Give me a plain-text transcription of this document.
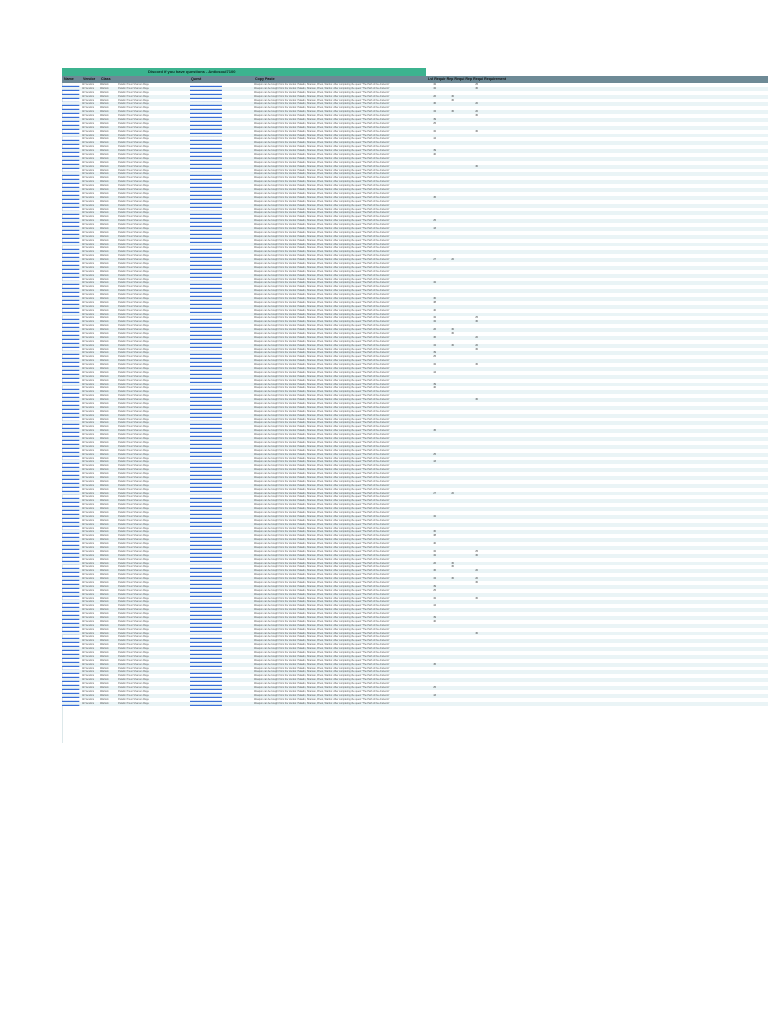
Discord if you have questions - Anticsoul7100
Name	Vendor Class	Quest	Copy Paste	Lvl Requir Rep Requi Rep Requi Requirement
_____________	All Vendors	Warlock	Paladin Priest Shaman Mage	________________________	Weapon can be bought from the Vendor. Paladin, Shaman, Priest, Warrior. After completing the quest "The Path of the Ancients"	32	25
_____________	All Vendors	Warlock	Paladin Priest Shaman Mage	________________________	Weapon can be bought from the Vendor. Paladin, Shaman, Priest, Warrior. After completing the quest "The Path of the Ancients"	32	30
_____________	All Vendors	Warlock	Paladin Priest Shaman Mage	________________________	Weapon can be bought from the Vendor. Paladin, Shaman, Priest, Warrior. After completing the quest "The Path of the Ancients"
_____________	All Vendors	Warlock	Paladin Priest Shaman Mage	________________________	Weapon can be bought from the Vendor. Paladin, Shaman, Priest, Warrior. After completing the quest "The Path of the Ancients"	26	30
_____________	All Vendors	Warlock	Paladin Priest Shaman Mage	________________________	Weapon can be bought from the Vendor. Paladin, Shaman, Priest, Warrior. After completing the quest "The Path of the Ancients"	30
_____________	All Vendors	Warlock	Paladin Priest Shaman Mage	________________________	Weapon can be bought from the Vendor. Paladin, Shaman, Priest, Warrior. After completing the quest "The Path of the Ancients"	36	20
_____________	All Vendors	Warlock	Paladin Priest Shaman Mage	________________________	Weapon can be bought from the Vendor. Paladin, Shaman, Priest, Warrior. After completing the quest "The Path of the Ancients"
_____________	All Vendors	Warlock	Paladin Priest Shaman Mage	________________________	Weapon can be bought from the Vendor. Paladin, Shaman, Priest, Warrior. After completing the quest "The Path of the Ancients"	34	30	20
_____________	All Vendors	Warlock	Paladin Priest Shaman Mage	________________________	Weapon can be bought from the Vendor. Paladin, Shaman, Priest, Warrior. After completing the quest "The Path of the Ancients"	30
_____________	All Vendors	Warlock	Paladin Priest Shaman Mage	________________________	Weapon can be bought from the Vendor. Paladin, Shaman, Priest, Warrior. After completing the quest "The Path of the Ancients"	39
_____________	All Vendors	Warlock	Paladin Priest Shaman Mage	________________________	Weapon can be bought from the Vendor. Paladin, Shaman, Priest, Warrior. After completing the quest "The Path of the Ancients"	25
_____________	All Vendors	Warlock	Paladin Priest Shaman Mage	________________________	Weapon can be bought from the Vendor. Paladin, Shaman, Priest, Warrior. After completing the quest "The Path of the Ancients"
_____________	All Vendors	Warlock	Paladin Priest Shaman Mage	________________________	Weapon can be bought from the Vendor. Paladin, Shaman, Priest, Warrior. After completing the quest "The Path of the Ancients"	32	30
_____________	All Vendors	Warlock	Paladin Priest Shaman Mage	________________________	Weapon can be bought from the Vendor. Paladin, Shaman, Priest, Warrior. After completing the quest "The Path of the Ancients"
_____________	All Vendors	Warlock	Paladin Priest Shaman Mage	________________________	Weapon can be bought from the Vendor. Paladin, Shaman, Priest, Warrior. After completing the quest "The Path of the Ancients"	44
_____________	All Vendors	Warlock	Paladin Priest Shaman Mage	________________________	Weapon can be bought from the Vendor. Paladin, Shaman, Priest, Warrior. After completing the quest "The Path of the Ancients"
_____________	All Vendors	Warlock	Paladin Priest Shaman Mage	________________________	Weapon can be bought from the Vendor. Paladin, Shaman, Priest, Warrior. After completing the quest "The Path of the Ancients"
_____________	All Vendors	Warlock	Paladin Priest Shaman Mage	________________________	Weapon can be bought from the Vendor. Paladin, Shaman, Priest, Warrior. After completing the quest "The Path of the Ancients"	39
_____________	All Vendors	Warlock	Paladin Priest Shaman Mage	________________________	Weapon can be bought from the Vendor. Paladin, Shaman, Priest, Warrior. After completing the quest "The Path of the Ancients"	40
_____________	All Vendors	Warlock	Paladin Priest Shaman Mage	________________________	Weapon can be bought from the Vendor. Paladin, Shaman, Priest, Warrior. After completing the quest "The Path of the Ancients"
_____________	All Vendors	Warlock	Paladin Priest Shaman Mage	________________________	Weapon can be bought from the Vendor. Paladin, Shaman, Priest, Warrior. After completing the quest "The Path of the Ancients"
_____________	All Vendors	Warlock	Paladin Priest Shaman Mage	________________________	Weapon can be bought from the Vendor. Paladin, Shaman, Priest, Warrior. After completing the quest "The Path of the Ancients"	30
_____________	All Vendors	Warlock	Paladin Priest Shaman Mage	________________________	Weapon can be bought from the Vendor. Paladin, Shaman, Priest, Warrior. After completing the quest "The Path of the Ancients"
_____________	All Vendors	Warlock	Paladin Priest Shaman Mage	________________________	Weapon can be bought from the Vendor. Paladin, Shaman, Priest, Warrior. After completing the quest "The Path of the Ancients"
_____________	All Vendors	Warlock	Paladin Priest Shaman Mage	________________________	Weapon can be bought from the Vendor. Paladin, Shaman, Priest, Warrior. After completing the quest "The Path of the Ancients"
_____________	All Vendors	Warlock	Paladin Priest Shaman Mage	________________________	Weapon can be bought from the Vendor. Paladin, Shaman, Priest, Warrior. After completing the quest "The Path of the Ancients"
_____________	All Vendors	Warlock	Paladin Priest Shaman Mage	________________________	Weapon can be bought from the Vendor. Paladin, Shaman, Priest, Warrior. After completing the quest "The Path of the Ancients"
_____________	All Vendors	Warlock	Paladin Priest Shaman Mage	________________________	Weapon can be bought from the Vendor. Paladin, Shaman, Priest, Warrior. After completing the quest "The Path of the Ancients"
_____________	All Vendors	Warlock	Paladin Priest Shaman Mage	________________________	Weapon can be bought from the Vendor. Paladin, Shaman, Priest, Warrior. After completing the quest "The Path of the Ancients"
_____________	All Vendors	Warlock	Paladin Priest Shaman Mage	________________________	Weapon can be bought from the Vendor. Paladin, Shaman, Priest, Warrior. After completing the quest "The Path of the Ancients"	45
_____________	All Vendors	Warlock	Paladin Priest Shaman Mage	________________________	Weapon can be bought from the Vendor. Paladin, Shaman, Priest, Warrior. After completing the quest "The Path of the Ancients"
_____________	All Vendors	Warlock	Paladin Priest Shaman Mage	________________________	Weapon can be bought from the Vendor. Paladin, Shaman, Priest, Warrior. After completing the quest "The Path of the Ancients"
_____________	All Vendors	Warlock	Paladin Priest Shaman Mage	________________________	Weapon can be bought from the Vendor. Paladin, Shaman, Priest, Warrior. After completing the quest "The Path of the Ancients"
_____________	All Vendors	Warlock	Paladin Priest Shaman Mage	________________________	Weapon can be bought from the Vendor. Paladin, Shaman, Priest, Warrior. After completing the quest "The Path of the Ancients"
_____________	All Vendors	Warlock	Paladin Priest Shaman Mage	________________________	Weapon can be bought from the Vendor. Paladin, Shaman, Priest, Warrior. After completing the quest "The Path of the Ancients"
_____________	All Vendors	Warlock	Paladin Priest Shaman Mage	________________________	Weapon can be bought from the Vendor. Paladin, Shaman, Priest, Warrior. After completing the quest "The Path of the Ancients"	25
_____________	All Vendors	Warlock	Paladin Priest Shaman Mage	________________________	Weapon can be bought from the Vendor. Paladin, Shaman, Priest, Warrior. After completing the quest "The Path of the Ancients"
_____________	All Vendors	Warlock	Paladin Priest Shaman Mage	________________________	Weapon can be bought from the Vendor. Paladin, Shaman, Priest, Warrior. After completing the quest "The Path of the Ancients"	43
_____________	All Vendors	Warlock	Paladin Priest Shaman Mage	________________________	Weapon can be bought from the Vendor. Paladin, Shaman, Priest, Warrior. After completing the quest "The Path of the Ancients"
_____________	All Vendors	Warlock	Paladin Priest Shaman Mage	________________________	Weapon can be bought from the Vendor. Paladin, Shaman, Priest, Warrior. After completing the quest "The Path of the Ancients"
_____________	All Vendors	Warlock	Paladin Priest Shaman Mage	________________________	Weapon can be bought from the Vendor. Paladin, Shaman, Priest, Warrior. After completing the quest "The Path of the Ancients"
_____________	All Vendors	Warlock	Paladin Priest Shaman Mage	________________________	Weapon can be bought from the Vendor. Paladin, Shaman, Priest, Warrior. After completing the quest "The Path of the Ancients"
_____________	All Vendors	Warlock	Paladin Priest Shaman Mage	________________________	Weapon can be bought from the Vendor. Paladin, Shaman, Priest, Warrior. After completing the quest "The Path of the Ancients"
_____________	All Vendors	Warlock	Paladin Priest Shaman Mage	________________________	Weapon can be bought from the Vendor. Paladin, Shaman, Priest, Warrior. After completing the quest "The Path of the Ancients"
_____________	All Vendors	Warlock	Paladin Priest Shaman Mage	________________________	Weapon can be bought from the Vendor. Paladin, Shaman, Priest, Warrior. After completing the quest "The Path of the Ancients"
_____________	All Vendors	Warlock	Paladin Priest Shaman Mage	________________________	Weapon can be bought from the Vendor. Paladin, Shaman, Priest, Warrior. After completing the quest "The Path of the Ancients"	27	20
_____________	All Vendors	Warlock	Paladin Priest Shaman Mage	________________________	Weapon can be bought from the Vendor. Paladin, Shaman, Priest, Warrior. After completing the quest "The Path of the Ancients"
_____________	All Vendors	Warlock	Paladin Priest Shaman Mage	________________________	Weapon can be bought from the Vendor. Paladin, Shaman, Priest, Warrior. After completing the quest "The Path of the Ancients"
_____________	All Vendors	Warlock	Paladin Priest Shaman Mage	________________________	Weapon can be bought from the Vendor. Paladin, Shaman, Priest, Warrior. After completing the quest "The Path of the Ancients"
_____________	All Vendors	Warlock	Paladin Priest Shaman Mage	________________________	Weapon can be bought from the Vendor. Paladin, Shaman, Priest, Warrior. After completing the quest "The Path of the Ancients"
_____________	All Vendors	Warlock	Paladin Priest Shaman Mage	________________________	Weapon can be bought from the Vendor. Paladin, Shaman, Priest, Warrior. After completing the quest "The Path of the Ancients"
_____________	All Vendors	Warlock	Paladin Priest Shaman Mage	________________________	Weapon can be bought from the Vendor. Paladin, Shaman, Priest, Warrior. After completing the quest "The Path of the Ancients"	32
_____________	All Vendors	Warlock	Paladin Priest Shaman Mage	________________________	Weapon can be bought from the Vendor. Paladin, Shaman, Priest, Warrior. After completing the quest "The Path of the Ancients"
_____________	All Vendors	Warlock	Paladin Priest Shaman Mage	________________________	Weapon can be bought from the Vendor. Paladin, Shaman, Priest, Warrior. After completing the quest "The Path of the Ancients"
_____________	All Vendors	Warlock	Paladin Priest Shaman Mage	________________________	Weapon can be bought from the Vendor. Paladin, Shaman, Priest, Warrior. After completing the quest "The Path of the Ancients"
_____________	All Vendors	Warlock	Paladin Priest Shaman Mage	________________________	Weapon can be bought from the Vendor. Paladin, Shaman, Priest, Warrior. After completing the quest "The Path of the Ancients"	30
_____________	All Vendors	Warlock	Paladin Priest Shaman Mage	________________________	Weapon can be bought from the Vendor. Paladin, Shaman, Priest, Warrior. After completing the quest "The Path of the Ancients"	38
_____________	All Vendors	Warlock	Paladin Priest Shaman Mage	________________________	Weapon can be bought from the Vendor. Paladin, Shaman, Priest, Warrior. After completing the quest "The Path of the Ancients"
_____________	All Vendors	Warlock	Paladin Priest Shaman Mage	________________________	Weapon can be bought from the Vendor. Paladin, Shaman, Priest, Warrior. After completing the quest "The Path of the Ancients"	40
_____________	All Vendors	Warlock	Paladin Priest Shaman Mage	________________________	Weapon can be bought from the Vendor. Paladin, Shaman, Priest, Warrior. After completing the quest "The Path of the Ancients"
_____________	All Vendors	Warlock	Paladin Priest Shaman Mage	________________________	Weapon can be bought from the Vendor. Paladin, Shaman, Priest, Warrior. After completing the quest "The Path of the Ancients"	32	25
_____________	All Vendors	Warlock	Paladin Priest Shaman Mage	________________________	Weapon can be bought from the Vendor. Paladin, Shaman, Priest, Warrior. After completing the quest "The Path of the Ancients"	32	30
_____________	All Vendors	Warlock	Paladin Priest Shaman Mage	________________________	Weapon can be bought from the Vendor. Paladin, Shaman, Priest, Warrior. After completing the quest "The Path of the Ancients"
_____________	All Vendors	Warlock	Paladin Priest Shaman Mage	________________________	Weapon can be bought from the Vendor. Paladin, Shaman, Priest, Warrior. After completing the quest "The Path of the Ancients"	26	30
_____________	All Vendors	Warlock	Paladin Priest Shaman Mage	________________________	Weapon can be bought from the Vendor. Paladin, Shaman, Priest, Warrior. After completing the quest "The Path of the Ancients"	30
_____________	All Vendors	Warlock	Paladin Priest Shaman Mage	________________________	Weapon can be bought from the Vendor. Paladin, Shaman, Priest, Warrior. After completing the quest "The Path of the Ancients"	36	20
_____________	All Vendors	Warlock	Paladin Priest Shaman Mage	________________________	Weapon can be bought from the Vendor. Paladin, Shaman, Priest, Warrior. After completing the quest "The Path of the Ancients"
_____________	All Vendors	Warlock	Paladin Priest Shaman Mage	________________________	Weapon can be bought from the Vendor. Paladin, Shaman, Priest, Warrior. After completing the quest "The Path of the Ancients"	34	30	20
_____________	All Vendors	Warlock	Paladin Priest Shaman Mage	________________________	Weapon can be bought from the Vendor. Paladin, Shaman, Priest, Warrior. After completing the quest "The Path of the Ancients"	30
_____________	All Vendors	Warlock	Paladin Priest Shaman Mage	________________________	Weapon can be bought from the Vendor. Paladin, Shaman, Priest, Warrior. After completing the quest "The Path of the Ancients"	39
_____________	All Vendors	Warlock	Paladin Priest Shaman Mage	________________________	Weapon can be bought from the Vendor. Paladin, Shaman, Priest, Warrior. After completing the quest "The Path of the Ancients"	25
_____________	All Vendors	Warlock	Paladin Priest Shaman Mage	________________________	Weapon can be bought from the Vendor. Paladin, Shaman, Priest, Warrior. After completing the quest "The Path of the Ancients"
_____________	All Vendors	Warlock	Paladin Priest Shaman Mage	________________________	Weapon can be bought from the Vendor. Paladin, Shaman, Priest, Warrior. After completing the quest "The Path of the Ancients"	32	30
_____________	All Vendors	Warlock	Paladin Priest Shaman Mage	________________________	Weapon can be bought from the Vendor. Paladin, Shaman, Priest, Warrior. After completing the quest "The Path of the Ancients"
_____________	All Vendors	Warlock	Paladin Priest Shaman Mage	________________________	Weapon can be bought from the Vendor. Paladin, Shaman, Priest, Warrior. After completing the quest "The Path of the Ancients"	44
_____________	All Vendors	Warlock	Paladin Priest Shaman Mage	________________________	Weapon can be bought from the Vendor. Paladin, Shaman, Priest, Warrior. After completing the quest "The Path of the Ancients"
_____________	All Vendors	Warlock	Paladin Priest Shaman Mage	________________________	Weapon can be bought from the Vendor. Paladin, Shaman, Priest, Warrior. After completing the quest "The Path of the Ancients"
_____________	All Vendors	Warlock	Paladin Priest Shaman Mage	________________________	Weapon can be bought from the Vendor. Paladin, Shaman, Priest, Warrior. After completing the quest "The Path of the Ancients"	39
_____________	All Vendors	Warlock	Paladin Priest Shaman Mage	________________________	Weapon can be bought from the Vendor. Paladin, Shaman, Priest, Warrior. After completing the quest "The Path of the Ancients"	40
_____________	All Vendors	Warlock	Paladin Priest Shaman Mage	________________________	Weapon can be bought from the Vendor. Paladin, Shaman, Priest, Warrior. After completing the quest "The Path of the Ancients"
_____________	All Vendors	Warlock	Paladin Priest Shaman Mage	________________________	Weapon can be bought from the Vendor. Paladin, Shaman, Priest, Warrior. After completing the quest "The Path of the Ancients"
_____________	All Vendors	Warlock	Paladin Priest Shaman Mage	________________________	Weapon can be bought from the Vendor. Paladin, Shaman, Priest, Warrior. After completing the quest "The Path of the Ancients"	30
_____________	All Vendors	Warlock	Paladin Priest Shaman Mage	________________________	Weapon can be bought from the Vendor. Paladin, Shaman, Priest, Warrior. After completing the quest "The Path of the Ancients"
_____________	All Vendors	Warlock	Paladin Priest Shaman Mage	________________________	Weapon can be bought from the Vendor. Paladin, Shaman, Priest, Warrior. After completing the quest "The Path of the Ancients"
_____________	All Vendors	Warlock	Paladin Priest Shaman Mage	________________________	Weapon can be bought from the Vendor. Paladin, Shaman, Priest, Warrior. After completing the quest "The Path of the Ancients"
_____________	All Vendors	Warlock	Paladin Priest Shaman Mage	________________________	Weapon can be bought from the Vendor. Paladin, Shaman, Priest, Warrior. After completing the quest "The Path of the Ancients"
_____________	All Vendors	Warlock	Paladin Priest Shaman Mage	________________________	Weapon can be bought from the Vendor. Paladin, Shaman, Priest, Warrior. After completing the quest "The Path of the Ancients"
_____________	All Vendors	Warlock	Paladin Priest Shaman Mage	________________________	Weapon can be bought from the Vendor. Paladin, Shaman, Priest, Warrior. After completing the quest "The Path of the Ancients"
_____________	All Vendors	Warlock	Paladin Priest Shaman Mage	________________________	Weapon can be bought from the Vendor. Paladin, Shaman, Priest, Warrior. After completing the quest "The Path of the Ancients"
_____________	All Vendors	Warlock	Paladin Priest Shaman Mage	________________________	Weapon can be bought from the Vendor. Paladin, Shaman, Priest, Warrior. After completing the quest "The Path of the Ancients"	45
_____________	All Vendors	Warlock	Paladin Priest Shaman Mage	________________________	Weapon can be bought from the Vendor. Paladin, Shaman, Priest, Warrior. After completing the quest "The Path of the Ancients"
_____________	All Vendors	Warlock	Paladin Priest Shaman Mage	________________________	Weapon can be bought from the Vendor. Paladin, Shaman, Priest, Warrior. After completing the quest "The Path of the Ancients"
_____________	All Vendors	Warlock	Paladin Priest Shaman Mage	________________________	Weapon can be bought from the Vendor. Paladin, Shaman, Priest, Warrior. After completing the quest "The Path of the Ancients"
_____________	All Vendors	Warlock	Paladin Priest Shaman Mage	________________________	Weapon can be bought from the Vendor. Paladin, Shaman, Priest, Warrior. After completing the quest "The Path of the Ancients"
_____________	All Vendors	Warlock	Paladin Priest Shaman Mage	________________________	Weapon can be bought from the Vendor. Paladin, Shaman, Priest, Warrior. After completing the quest "The Path of the Ancients"
_____________	All Vendors	Warlock	Paladin Priest Shaman Mage	________________________	Weapon can be bought from the Vendor. Paladin, Shaman, Priest, Warrior. After completing the quest "The Path of the Ancients"	25
_____________	All Vendors	Warlock	Paladin Priest Shaman Mage	________________________	Weapon can be bought from the Vendor. Paladin, Shaman, Priest, Warrior. After completing the quest "The Path of the Ancients"
_____________	All Vendors	Warlock	Paladin Priest Shaman Mage	________________________	Weapon can be bought from the Vendor. Paladin, Shaman, Priest, Warrior. After completing the quest "The Path of the Ancients"	43
_____________	All Vendors	Warlock	Paladin Priest Shaman Mage	________________________	Weapon can be bought from the Vendor. Paladin, Shaman, Priest, Warrior. After completing the quest "The Path of the Ancients"
_____________	All Vendors	Warlock	Paladin Priest Shaman Mage	________________________	Weapon can be bought from the Vendor. Paladin, Shaman, Priest, Warrior. After completing the quest "The Path of the Ancients"
_____________	All Vendors	Warlock	Paladin Priest Shaman Mage	________________________	Weapon can be bought from the Vendor. Paladin, Shaman, Priest, Warrior. After completing the quest "The Path of the Ancients"
_____________	All Vendors	Warlock	Paladin Priest Shaman Mage	________________________	Weapon can be bought from the Vendor. Paladin, Shaman, Priest, Warrior. After completing the quest "The Path of the Ancients"
_____________	All Vendors	Warlock	Paladin Priest Shaman Mage	________________________	Weapon can be bought from the Vendor. Paladin, Shaman, Priest, Warrior. After completing the quest "The Path of the Ancients"
_____________	All Vendors	Warlock	Paladin Priest Shaman Mage	________________________	Weapon can be bought from the Vendor. Paladin, Shaman, Priest, Warrior. After completing the quest "The Path of the Ancients"
_____________	All Vendors	Warlock	Paladin Priest Shaman Mage	________________________	Weapon can be bought from the Vendor. Paladin, Shaman, Priest, Warrior. After completing the quest "The Path of the Ancients"
_____________	All Vendors	Warlock	Paladin Priest Shaman Mage	________________________	Weapon can be bought from the Vendor. Paladin, Shaman, Priest, Warrior. After completing the quest "The Path of the Ancients"	27	20
_____________	All Vendors	Warlock	Paladin Priest Shaman Mage	________________________	Weapon can be bought from the Vendor. Paladin, Shaman, Priest, Warrior. After completing the quest "The Path of the Ancients"
_____________	All Vendors	Warlock	Paladin Priest Shaman Mage	________________________	Weapon can be bought from the Vendor. Paladin, Shaman, Priest, Warrior. After completing the quest "The Path of the Ancients"
_____________	All Vendors	Warlock	Paladin Priest Shaman Mage	________________________	Weapon can be bought from the Vendor. Paladin, Shaman, Priest, Warrior. After completing the quest "The Path of the Ancients"
_____________	All Vendors	Warlock	Paladin Priest Shaman Mage	________________________	Weapon can be bought from the Vendor. Paladin, Shaman, Priest, Warrior. After completing the quest "The Path of the Ancients"
_____________	All Vendors	Warlock	Paladin Priest Shaman Mage	________________________	Weapon can be bought from the Vendor. Paladin, Shaman, Priest, Warrior. After completing the quest "The Path of the Ancients"
_____________	All Vendors	Warlock	Paladin Priest Shaman Mage	________________________	Weapon can be bought from the Vendor. Paladin, Shaman, Priest, Warrior. After completing the quest "The Path of the Ancients"	32
_____________	All Vendors	Warlock	Paladin Priest Shaman Mage	________________________	Weapon can be bought from the Vendor. Paladin, Shaman, Priest, Warrior. After completing the quest "The Path of the Ancients"
_____________	All Vendors	Warlock	Paladin Priest Shaman Mage	________________________	Weapon can be bought from the Vendor. Paladin, Shaman, Priest, Warrior. After completing the quest "The Path of the Ancients"
_____________	All Vendors	Warlock	Paladin Priest Shaman Mage	________________________	Weapon can be bought from the Vendor. Paladin, Shaman, Priest, Warrior. After completing the quest "The Path of the Ancients"
_____________	All Vendors	Warlock	Paladin Priest Shaman Mage	________________________	Weapon can be bought from the Vendor. Paladin, Shaman, Priest, Warrior. After completing the quest "The Path of the Ancients"	30
_____________	All Vendors	Warlock	Paladin Priest Shaman Mage	________________________	Weapon can be bought from the Vendor. Paladin, Shaman, Priest, Warrior. After completing the quest "The Path of the Ancients"	38
_____________	All Vendors	Warlock	Paladin Priest Shaman Mage	________________________	Weapon can be bought from the Vendor. Paladin, Shaman, Priest, Warrior. After completing the quest "The Path of the Ancients"
_____________	All Vendors	Warlock	Paladin Priest Shaman Mage	________________________	Weapon can be bought from the Vendor. Paladin, Shaman, Priest, Warrior. After completing the quest "The Path of the Ancients"	40
_____________	All Vendors	Warlock	Paladin Priest Shaman Mage	________________________	Weapon can be bought from the Vendor. Paladin, Shaman, Priest, Warrior. After completing the quest "The Path of the Ancients"
_____________	All Vendors	Warlock	Paladin Priest Shaman Mage	________________________	Weapon can be bought from the Vendor. Paladin, Shaman, Priest, Warrior. After completing the quest "The Path of the Ancients"	32	25
_____________	All Vendors	Warlock	Paladin Priest Shaman Mage	________________________	Weapon can be bought from the Vendor. Paladin, Shaman, Priest, Warrior. After completing the quest "The Path of the Ancients"	32	30
_____________	All Vendors	Warlock	Paladin Priest Shaman Mage	________________________	Weapon can be bought from the Vendor. Paladin, Shaman, Priest, Warrior. After completing the quest "The Path of the Ancients"
_____________	All Vendors	Warlock	Paladin Priest Shaman Mage	________________________	Weapon can be bought from the Vendor. Paladin, Shaman, Priest, Warrior. After completing the quest "The Path of the Ancients"	26	30
_____________	All Vendors	Warlock	Paladin Priest Shaman Mage	________________________	Weapon can be bought from the Vendor. Paladin, Shaman, Priest, Warrior. After completing the quest "The Path of the Ancients"	30
_____________	All Vendors	Warlock	Paladin Priest Shaman Mage	________________________	Weapon can be bought from the Vendor. Paladin, Shaman, Priest, Warrior. After completing the quest "The Path of the Ancients"	36	20
_____________	All Vendors	Warlock	Paladin Priest Shaman Mage	________________________	Weapon can be bought from the Vendor. Paladin, Shaman, Priest, Warrior. After completing the quest "The Path of the Ancients"
_____________	All Vendors	Warlock	Paladin Priest Shaman Mage	________________________	Weapon can be bought from the Vendor. Paladin, Shaman, Priest, Warrior. After completing the quest "The Path of the Ancients"	34	30	20
_____________	All Vendors	Warlock	Paladin Priest Shaman Mage	________________________	Weapon can be bought from the Vendor. Paladin, Shaman, Priest, Warrior. After completing the quest "The Path of the Ancients"	30
_____________	All Vendors	Warlock	Paladin Priest Shaman Mage	________________________	Weapon can be bought from the Vendor. Paladin, Shaman, Priest, Warrior. After completing the quest "The Path of the Ancients"	39
_____________	All Vendors	Warlock	Paladin Priest Shaman Mage	________________________	Weapon can be bought from the Vendor. Paladin, Shaman, Priest, Warrior. After completing the quest "The Path of the Ancients"	25
_____________	All Vendors	Warlock	Paladin Priest Shaman Mage	________________________	Weapon can be bought from the Vendor. Paladin, Shaman, Priest, Warrior. After completing the quest "The Path of the Ancients"
_____________	All Vendors	Warlock	Paladin Priest Shaman Mage	________________________	Weapon can be bought from the Vendor. Paladin, Shaman, Priest, Warrior. After completing the quest "The Path of the Ancients"	32	30
_____________	All Vendors	Warlock	Paladin Priest Shaman Mage	________________________	Weapon can be bought from the Vendor. Paladin, Shaman, Priest, Warrior. After completing the quest "The Path of the Ancients"
_____________	All Vendors	Warlock	Paladin Priest Shaman Mage	________________________	Weapon can be bought from the Vendor. Paladin, Shaman, Priest, Warrior. After completing the quest "The Path of the Ancients"	44
_____________	All Vendors	Warlock	Paladin Priest Shaman Mage	________________________	Weapon can be bought from the Vendor. Paladin, Shaman, Priest, Warrior. After completing the quest "The Path of the Ancients"
_____________	All Vendors	Warlock	Paladin Priest Shaman Mage	________________________	Weapon can be bought from the Vendor. Paladin, Shaman, Priest, Warrior. After completing the quest "The Path of the Ancients"
_____________	All Vendors	Warlock	Paladin Priest Shaman Mage	________________________	Weapon can be bought from the Vendor. Paladin, Shaman, Priest, Warrior. After completing the quest "The Path of the Ancients"	39
_____________	All Vendors	Warlock	Paladin Priest Shaman Mage	________________________	Weapon can be bought from the Vendor. Paladin, Shaman, Priest, Warrior. After completing the quest "The Path of the Ancients"	40
_____________	All Vendors	Warlock	Paladin Priest Shaman Mage	________________________	Weapon can be bought from the Vendor. Paladin, Shaman, Priest, Warrior. After completing the quest "The Path of the Ancients"
_____________	All Vendors	Warlock	Paladin Priest Shaman Mage	________________________	Weapon can be bought from the Vendor. Paladin, Shaman, Priest, Warrior. After completing the quest "The Path of the Ancients"
_____________	All Vendors	Warlock	Paladin Priest Shaman Mage	________________________	Weapon can be bought from the Vendor. Paladin, Shaman, Priest, Warrior. After completing the quest "The Path of the Ancients"	30
_____________	All Vendors	Warlock	Paladin Priest Shaman Mage	________________________	Weapon can be bought from the Vendor. Paladin, Shaman, Priest, Warrior. After completing the quest "The Path of the Ancients"
_____________	All Vendors	Warlock	Paladin Priest Shaman Mage	________________________	Weapon can be bought from the Vendor. Paladin, Shaman, Priest, Warrior. After completing the quest "The Path of the Ancients"
_____________	All Vendors	Warlock	Paladin Priest Shaman Mage	________________________	Weapon can be bought from the Vendor. Paladin, Shaman, Priest, Warrior. After completing the quest "The Path of the Ancients"
_____________	All Vendors	Warlock	Paladin Priest Shaman Mage	________________________	Weapon can be bought from the Vendor. Paladin, Shaman, Priest, Warrior. After completing the quest "The Path of the Ancients"
_____________	All Vendors	Warlock	Paladin Priest Shaman Mage	________________________	Weapon can be bought from the Vendor. Paladin, Shaman, Priest, Warrior. After completing the quest "The Path of the Ancients"
_____________	All Vendors	Warlock	Paladin Priest Shaman Mage	________________________	Weapon can be bought from the Vendor. Paladin, Shaman, Priest, Warrior. After completing the quest "The Path of the Ancients"
_____________	All Vendors	Warlock	Paladin Priest Shaman Mage	________________________	Weapon can be bought from the Vendor. Paladin, Shaman, Priest, Warrior. After completing the quest "The Path of the Ancients"
_____________	All Vendors	Warlock	Paladin Priest Shaman Mage	________________________	Weapon can be bought from the Vendor. Paladin, Shaman, Priest, Warrior. After completing the quest "The Path of the Ancients"	45
_____________	All Vendors	Warlock	Paladin Priest Shaman Mage	________________________	Weapon can be bought from the Vendor. Paladin, Shaman, Priest, Warrior. After completing the quest "The Path of the Ancients"
_____________	All Vendors	Warlock	Paladin Priest Shaman Mage	________________________	Weapon can be bought from the Vendor. Paladin, Shaman, Priest, Warrior. After completing the quest "The Path of the Ancients"
_____________	All Vendors	Warlock	Paladin Priest Shaman Mage	________________________	Weapon can be bought from the Vendor. Paladin, Shaman, Priest, Warrior. After completing the quest "The Path of the Ancients"
_____________	All Vendors	Warlock	Paladin Priest Shaman Mage	________________________	Weapon can be bought from the Vendor. Paladin, Shaman, Priest, Warrior. After completing the quest "The Path of the Ancients"
_____________	All Vendors	Warlock	Paladin Priest Shaman Mage	________________________	Weapon can be bought from the Vendor. Paladin, Shaman, Priest, Warrior. After completing the quest "The Path of the Ancients"
_____________	All Vendors	Warlock	Paladin Priest Shaman Mage	________________________	Weapon can be bought from the Vendor. Paladin, Shaman, Priest, Warrior. After completing the quest "The Path of the Ancients"	25
_____________	All Vendors	Warlock	Paladin Priest Shaman Mage	________________________	Weapon can be bought from the Vendor. Paladin, Shaman, Priest, Warrior. After completing the quest "The Path of the Ancients"
_____________	All Vendors	Warlock	Paladin Priest Shaman Mage	________________________	Weapon can be bought from the Vendor. Paladin, Shaman, Priest, Warrior. After completing the quest "The Path of the Ancients"	43
_____________	All Vendors	Warlock	Paladin Priest Shaman Mage	________________________	Weapon can be bought from the Vendor. Paladin, Shaman, Priest, Warrior. After completing the quest "The Path of the Ancients"
_____________	All Vendors	Warlock	Paladin Priest Shaman Mage	________________________	Weapon can be bought from the Vendor. Paladin, Shaman, Priest, Warrior. After completing the quest "The Path of the Ancients"
